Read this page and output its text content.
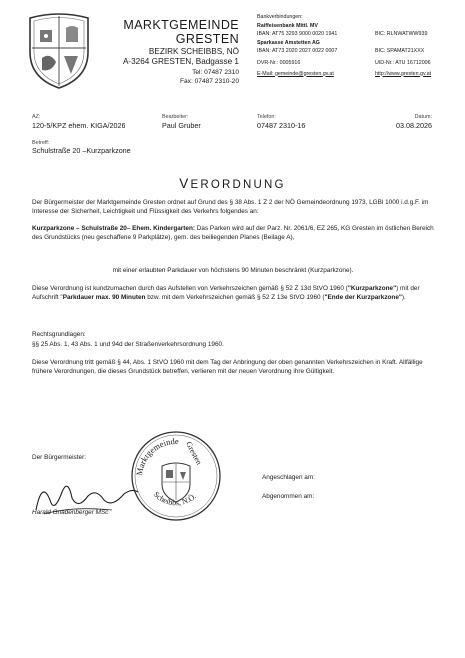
MARKTGEMEINDE
GRESTEN
BEZIRK SCHEIBBS, NÖ
A-3264 GRESTEN, Badgasse 1
Tel: 07487 2310
Fax: 07487 2310-20
Bankverbindungen:
Raiffeisenbank Mittl. MV
IBAN: AT75 3293 9000 0020 1941	BIC: RLNWATWW939
Sparkasse Amstetten AG
IBAN: AT73 2020 2027 0022 0007	BIC: SPAMAT21XXX
DVR-Nr.: 0005916	UID-Nr.: ATU 16712006
E-Mail: gemeinde@gresten.gv.at	http://www.gresten.gv.at
AZ:
120-5/KPZ ehem. KIGA/2026
Bearbeiter:
Paul Gruber
Telefon:
07487 2310-16
Datum:
03.08.2026
Betreff:
Schulstraße 20 –Kurzparkzone
VERORDNUNG
Der Bürgermeister der Marktgemeinde Gresten ordnet auf Grund des § 38 Abs. 1 Z 2 der NÖ Gemeindeordnung 1973, LGBl 1000 i.d.g.F. im Interesse der Sicherheit, Leichtigkeit und Flüssigkeit des Verkehrs folgendes an:
Kurzparkzone – Schulstraße 20– Ehem. Kindergarten: Das Parken wird auf der Parz. Nr. 2061/6, EZ 265, KG Gresten im östlichen Bereich des Grundstücks (neu geschaffene 9 Parkplätze), gem. des beiliegenden Planes (Beilage A),
mit einer erlaubten Parkdauer von höchstens 90 Minuten beschränkt (Kurzparkzone).
Diese Verordnung ist kundzumachen durch das Aufstellen von Verkehrszeichen gemäß § 52 Z 13d StVO 1960 ("Kurzparkzone") mit der Aufschrift "Parkdauer max. 90 Minuten bzw. mit dem Verkehrszeichen gemäß § 52 Z 13e StVO 1960 ("Ende der Kurzparkzone").
Rechtsgrundlagen:
§§ 25 Abs. 1, 43 Abs. 1 und 94d der Straßenverkehrsordnung 1960.
Diese Verordnung tritt gemäß § 44, Abs. 1 StVO 1960 mit dem Tag der Anbringung der oben genannten Verkehrszeichen in Kraft. Allfällige frühere Verordnungen, die dieses Grundstück betreffen, verlieren mit der neuen Verordnung ihre Gültigkeit.
Der Bürgermeister:
Marktgemeinde
Scheibbs, N.Ö.
Harald Gnadenberger MSc
Angeschlagen am:
Abgenommen am:
Gresten
